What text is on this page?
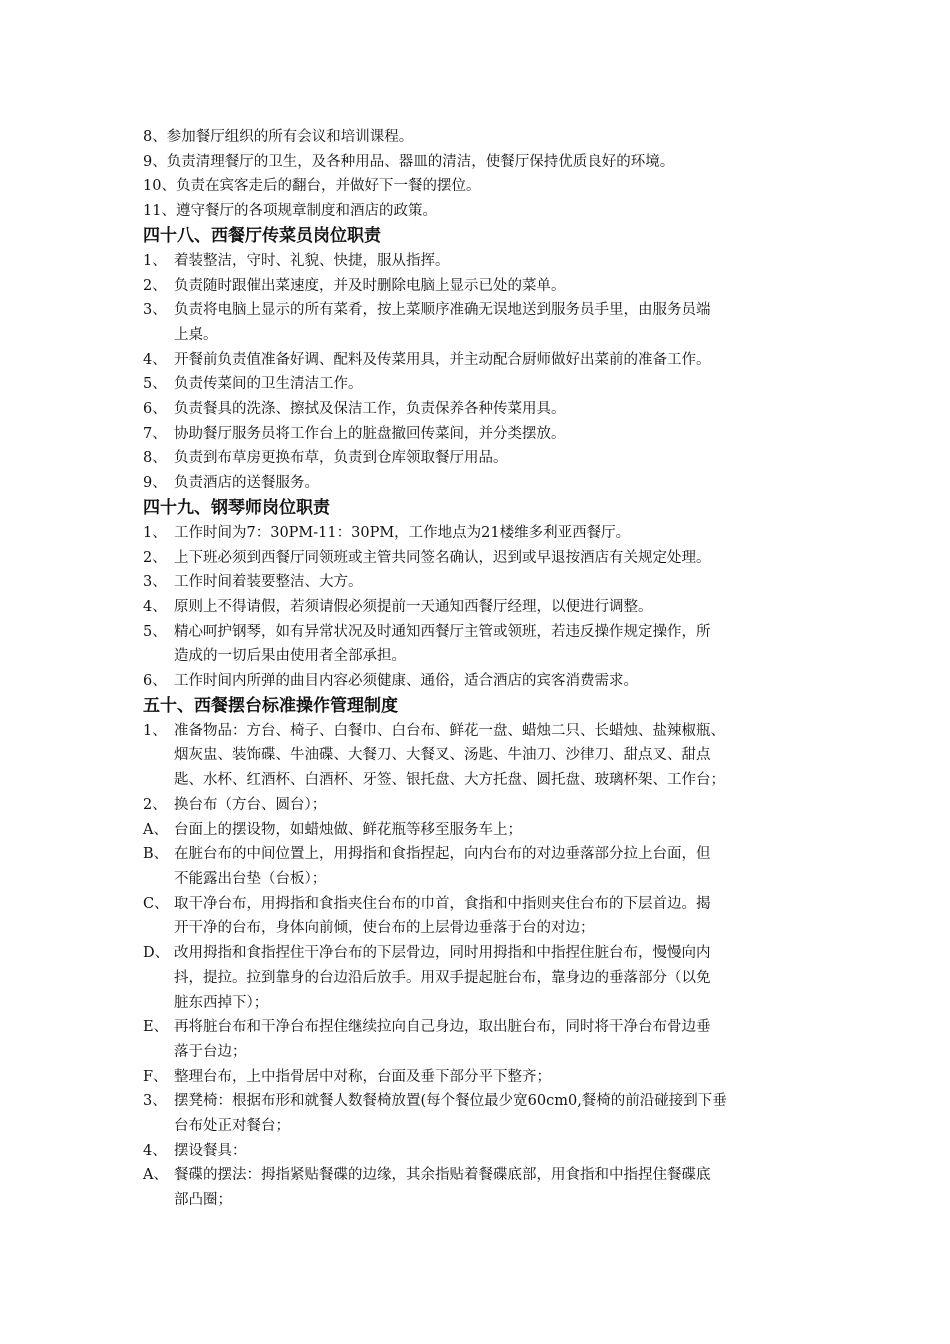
8、参加餐厅组织的所有会议和培训课程。
9、负责清理餐厅的卫生，及各种用品、器皿的清洁，使餐厅保持优质良好的环境。
10、负责在宾客走后的翻台，并做好下一餐的摆位。
11、遵守餐厅的各项规章制度和酒店的政策。
四十八、西餐厅传菜员岗位职责
1、 着装整洁，守时、礼貌、快捷，服从指挥。
2、 负责随时跟催出菜速度，并及时删除电脑上显示已处的菜单。
3、 负责将电脑上显示的所有菜肴，按上菜顺序准确无误地送到服务员手里，由服务员端
上桌。
4、 开餐前负责值准备好调、配料及传菜用具，并主动配合厨师做好出菜前的准备工作。
5、 负责传菜间的卫生清洁工作。
6、 负责餐具的洗涤、擦拭及保洁工作，负责保养各种传菜用具。
7、 协助餐厅服务员将工作台上的脏盘撤回传菜间，并分类摆放。
8、 负责到布草房更换布草，负责到仓库领取餐厅用品。
9、 负责酒店的送餐服务。
四十九、钢琴师岗位职责
1、 工作时间为7：30PM-11：30PM，工作地点为21楼维多利亚西餐厅。
2、 上下班必须到西餐厅同领班或主管共同签名确认，迟到或早退按酒店有关规定处理。
3、 工作时间着装要整洁、大方。
4、 原则上不得请假，若须请假必须提前一天通知西餐厅经理，以便进行调整。
5、 精心呵护钢琴，如有异常状况及时通知西餐厅主管或领班，若违反操作规定操作，所
造成的一切后果由使用者全部承担。
6、 工作时间内所弹的曲目内容必须健康、通俗，适合酒店的宾客消费需求。
五十、西餐摆台标准操作管理制度
1、 准备物品：方台、椅子、白餐巾、白台布、鲜花一盘、蜡烛二只、长蜡烛、盐辣椒瓶、
烟灰盅、装饰碟、牛油碟、大餐刀、大餐叉、汤匙、牛油刀、沙律刀、甜点叉、甜点
匙、水杯、红酒杯、白酒杯、牙签、银托盘、大方托盘、圆托盘、玻璃杯架、工作台；
2、 换台布（方台、圆台）；
A、 台面上的摆设物，如蜡烛做、鲜花瓶等移至服务车上；
B、 在脏台布的中间位置上，用拇指和食指捏起，向内台布的对边垂落部分拉上台面，但
不能露出台垫（台板）；
C、 取干净台布，用拇指和食指夹住台布的巾首，食指和中指则夹住台布的下层首边。揭
开干净的台布，身体向前倾，使台布的上层骨边垂落于台的对边；
D、 改用拇指和食指捏住干净台布的下层骨边，同时用拇指和中指捏住脏台布，慢慢向内
抖，提拉。拉到靠身的台边沿后放手。用双手提起脏台布，靠身边的垂落部分（以免
脏东西掉下）；
E、 再将脏台布和干净台布捏住继续拉向自己身边，取出脏台布，同时将干净台布骨边垂
落于台边；
F、 整理台布，上中指骨居中对称，台面及垂下部分平下整齐；
3、 摆凳椅：根据布形和就餐人数餐椅放置(每个餐位最少宽60cm0,餐椅的前沿碰接到下垂
台布处正对餐台；
4、 摆设餐具：
A、 餐碟的摆法：拇指紧贴餐碟的边缘，其余指贴着餐碟底部，用食指和中指捏住餐碟底
部凸圈；
